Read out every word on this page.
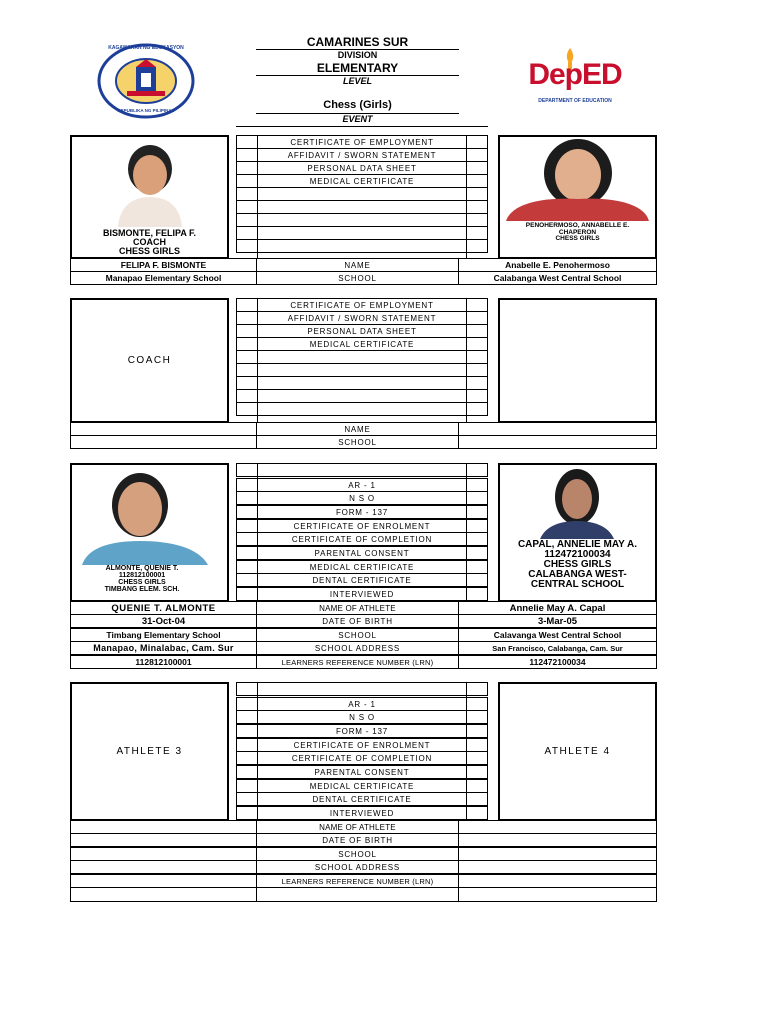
KAGAWARAN NG EDUKASYON
REPUBLIKA NG PILIPINAS
CAMARINES SUR
DIVISION
ELEMENTARY
LEVEL
Chess (Girls)
EVENT
DepED
DEPARTMENT OF EDUCATION
BISMONTE, FELIPA F.
COACH
CHESS GIRLS
PENOHERMOSO, ANNABELLE E.
CHAPERON
CHESS GIRLS
CERTIFICATE OF EMPLOYMENT
AFFIDAVIT / SWORN STATEMENT
PERSONAL DATA SHEET
MEDICAL CERTIFICATE
FELIPA F. BISMONTE	NAME	Anabelle E. Penohermoso
Manapao Elementary School	SCHOOL	Calabanga West Central School
COACH
CERTIFICATE OF EMPLOYMENT
AFFIDAVIT / SWORN STATEMENT
PERSONAL DATA SHEET
MEDICAL CERTIFICATE
NAME
SCHOOL
ALMONTE, QUENIE T.
112812100001
CHESS GIRLS
TIMBANG ELEM. SCH.
CAPAL, ANNELIE MAY A.
112472100034
CHESS GIRLS
CALABANGA WEST-
CENTRAL SCHOOL
AR - 1
N S O
FORM - 137
CERTIFICATE OF ENROLMENT
CERTIFICATE OF COMPLETION
PARENTAL CONSENT
MEDICAL CERTIFICATE
DENTAL CERTIFICATE
INTERVIEWED
QUENIE T. ALMONTE	NAME OF ATHLETE	Annelie May A. Capal
31-Oct-04	DATE OF BIRTH	3-Mar-05
Timbang Elementary School	SCHOOL	Calavanga West Central School
Manapao, Minalabac, Cam. Sur	SCHOOL ADDRESS	San Francisco, Calabanga, Cam. Sur
112812100001	LEARNERS REFERENCE NUMBER (LRN)	112472100034
ATHLETE 3	ATHLETE 4
AR - 1
N S O
FORM - 137
CERTIFICATE OF ENROLMENT
CERTIFICATE OF COMPLETION
PARENTAL CONSENT
MEDICAL CERTIFICATE
DENTAL CERTIFICATE
INTERVIEWED
NAME OF ATHLETE
DATE OF BIRTH
SCHOOL
SCHOOL ADDRESS
LEARNERS REFERENCE NUMBER (LRN)
